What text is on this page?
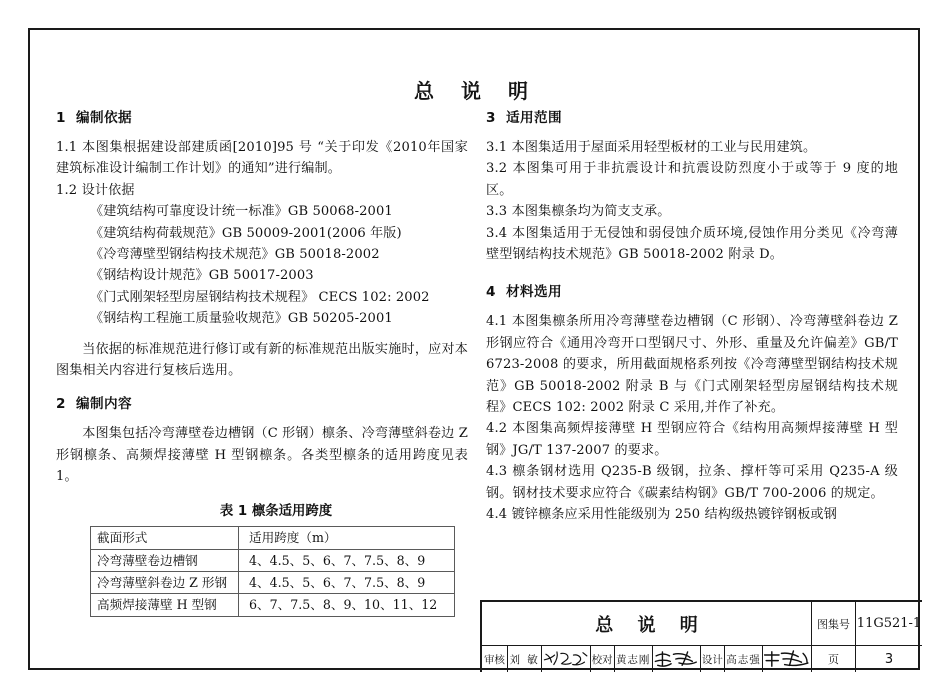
总 说 明
1 编制依据

1.1 本图集根据建设部建质函[2010]95 号 “关于印发《2010年国家建筑标准设计编制工作计划》的通知”进行编制。

1.2 设计依据

《建筑结构可靠度设计统一标准》GB 50068-2001
《建筑结构荷载规范》GB 50009-2001(2006 年版)
《冷弯薄壁型钢结构技术规范》GB 50018-2002
《钢结构设计规范》GB 50017-2003
《门式刚架轻型房屋钢结构技术规程》 CECS 102: 2002
《钢结构工程施工质量验收规范》GB 50205-2001

当依据的标准规范进行修订或有新的标准规范出版实施时，应对本图集相关内容进行复核后选用。

2 编制内容

本图集包括冷弯薄壁卷边槽钢（C 形钢）檩条、冷弯薄壁斜卷边 Z 形钢檩条、高频焊接薄壁 H 型钢檩条。各类型檩条的适用跨度见表 1。

表 1 檩条适用跨度
截面形式	适用跨度（m）
冷弯薄壁卷边槽钢	4、4.5、5、6、7、7.5、8、9
冷弯薄壁斜卷边 Z 形钢	4、4.5、5、6、7、7.5、8、9
高频焊接薄壁 H 型钢	6、7、7.5、8、9、10、11、12
3 适用范围

3.1 本图集适用于屋面采用轻型板材的工业与民用建筑。

3.2 本图集可用于非抗震设计和抗震设防烈度小于或等于 9 度的地区。

3.3 本图集檩条均为简支支承。

3.4 本图集适用于无侵蚀和弱侵蚀介质环境,侵蚀作用分类见《冷弯薄壁型钢结构技术规范》GB 50018-2002 附录 D。

4 材料选用

4.1 本图集檩条所用冷弯薄壁卷边槽钢（C 形钢）、冷弯薄壁斜卷边 Z 形钢应符合《通用冷弯开口型钢尺寸、外形、重量及允许偏差》GB/T 6723-2008 的要求，所用截面规格系列按《冷弯薄壁型钢结构技术规范》GB 50018-2002 附录 B 与《门式刚架轻型房屋钢结构技术规程》CECS 102: 2002 附录 C 采用,并作了补充。

4.2 本图集高频焊接薄壁 H 型钢应符合《结构用高频焊接薄壁 H 型钢》JG/T 137-2007 的要求。

4.3 檩条钢材选用 Q235-B 级钢，拉条、撑杆等可采用 Q235-A 级钢。钢材技术要求应符合《碳素结构钢》GB/T 700-2006 的规定。

4.4 镀锌檩条应采用性能级别为 250 结构级热镀锌钢板或钢

总 说 明
审核 刘 敏	校对 黄志刚	设计 高志强
图集号 11G521-1
页	3
